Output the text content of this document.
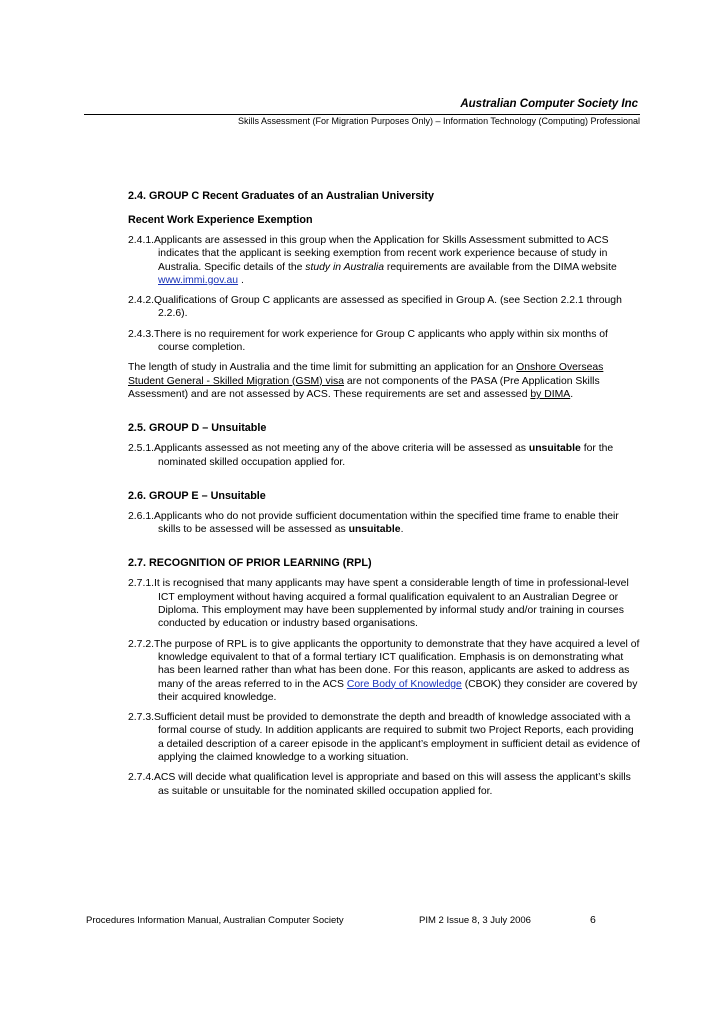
Australian Computer Society Inc
Skills Assessment (For Migration Purposes Only) – Information Technology (Computing) Professional
2.4. GROUP C Recent Graduates of an Australian University
Recent Work Experience Exemption
2.4.1.Applicants are assessed in this group when the Application for Skills Assessment submitted to ACS indicates that the applicant is seeking exemption from recent work experience because of study in Australia. Specific details of the study in Australia requirements are available from the DIMA website www.immi.gov.au .
2.4.2.Qualifications of Group C applicants are assessed as specified in Group A. (see Section 2.2.1 through 2.2.6).
2.4.3.There is no requirement for work experience for Group C applicants who apply within six months of course completion.

The length of study in Australia and the time limit for submitting an application for an Onshore Overseas Student General - Skilled Migration (GSM) visa are not components of the PASA (Pre Application Skills Assessment) and are not assessed by ACS. These requirements are set and assessed by DIMA.

2.5. GROUP D – Unsuitable
2.5.1.Applicants assessed as not meeting any of the above criteria will be assessed as unsuitable for the nominated skilled occupation applied for.
2.6. GROUP E – Unsuitable
2.6.1.Applicants who do not provide sufficient documentation within the specified time frame to enable their skills to be assessed will be assessed as unsuitable.
2.7. RECOGNITION OF PRIOR LEARNING (RPL)
2.7.1.It is recognised that many applicants may have spent a considerable length of time in professional-level ICT employment without having acquired a formal qualification equivalent to an Australian Degree or Diploma. This employment may have been supplemented by informal study and/or training in courses conducted by education or industry based organisations.
2.7.2.The purpose of RPL is to give applicants the opportunity to demonstrate that they have acquired a level of knowledge equivalent to that of a formal tertiary ICT qualification. Emphasis is on demonstrating what has been learned rather than what has been done. For this reason, applicants are asked to address as many of the areas referred to in the ACS Core Body of Knowledge (CBOK) they consider are covered by their acquired knowledge.
2.7.3.Sufficient detail must be provided to demonstrate the depth and breadth of knowledge associated with a formal course of study. In addition applicants are required to submit two Project Reports, each providing a detailed description of a career episode in the applicant’s employment in sufficient detail as evidence of applying the claimed knowledge to a working situation.
2.7.4.ACS will decide what qualification level is appropriate and based on this will assess the applicant’s skills as suitable or unsuitable for the nominated skilled occupation applied for.
Procedures Information Manual, Australian Computer Society	PIM 2 Issue 8, 3 July 2006	6
